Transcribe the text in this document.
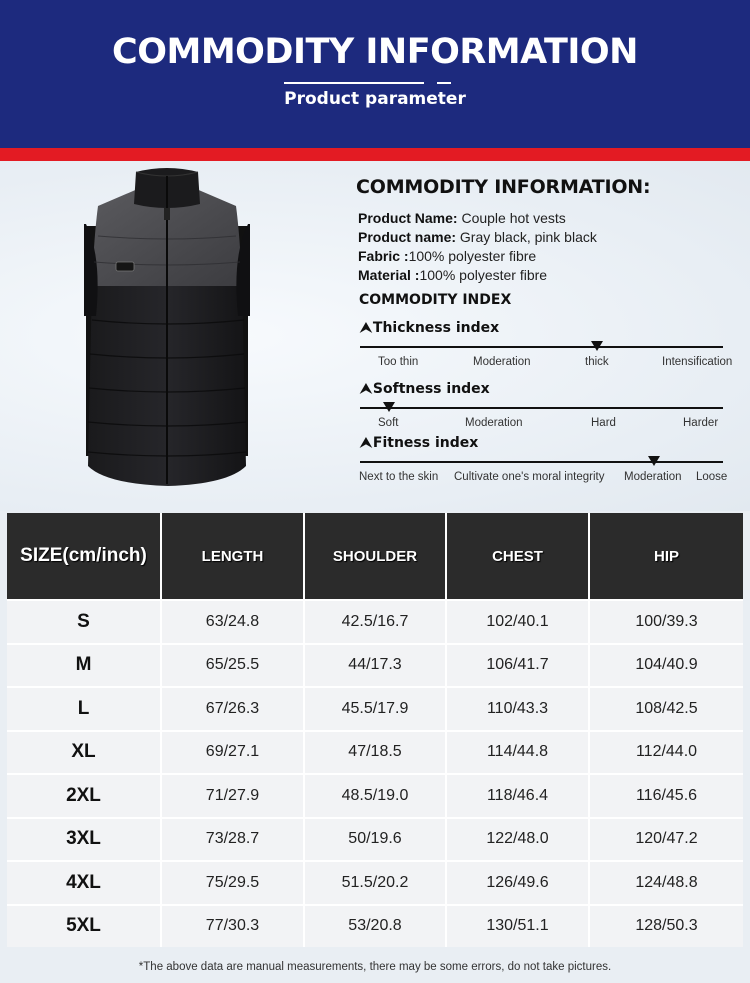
COMMODITY INFORMATION
Product parameter
COMMODITY INFORMATION:
Product Name: Couple hot vests
Product name: Gray black, pink black
Fabric :100% polyester fibre
Material :100% polyester fibre
COMMODITY INDEX
⮝Thickness index
Too thin	Moderation	thick	Intensification
⮝Softness index
Soft	Moderation	Hard	Harder
⮝Fitness index
Next to the skin Cultivate one's moral integrity Moderation Loose
SIZE(cm/inch)	LENGTH	SHOULDER	CHEST	HIP
S	63/24.8	42.5/16.7	102/40.1	100/39.3
M	65/25.5	44/17.3	106/41.7	104/40.9
L	67/26.3	45.5/17.9	110/43.3	108/42.5
XL	69/27.1	47/18.5	114/44.8	112/44.0
2XL	71/27.9	48.5/19.0	118/46.4	116/45.6
3XL	73/28.7	50/19.6	122/48.0	120/47.2
4XL	75/29.5	51.5/20.2	126/49.6	124/48.8
5XL	77/30.3	53/20.8	130/51.1	128/50.3
*The above data are manual measurements, there may be some errors, do not take pictures.
